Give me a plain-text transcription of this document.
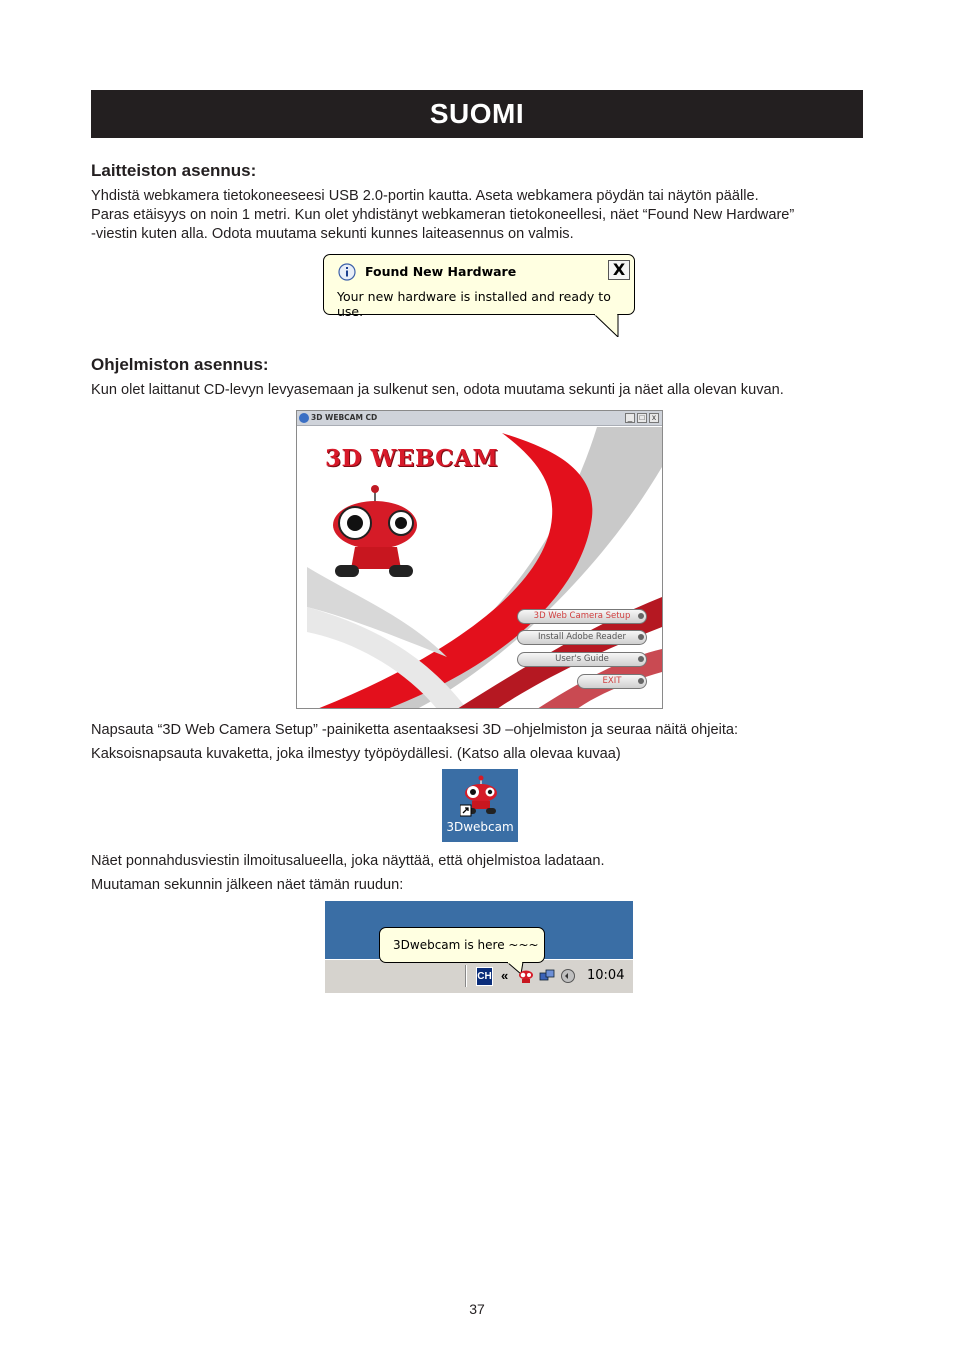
SUOMI
Laitteiston asennus:
Yhdistä webkamera tietokoneeseesi USB 2.0-portin kautta. Aseta webkamera pöydän tai näytön päälle.
Paras etäisyys on noin 1 metri. Kun olet yhdistänyt webkameran tietokoneellesi, näet “Found New Hardware”
-viestin kuten alla. Odota muutama sekunti kunnes laiteasennus on valmis.
Found New Hardware
Your new hardware is installed and ready to use.
X
Ohjelmiston asennus:
Kun olet laittanut CD-levyn levyasemaan ja sulkenut sen, odota muutama sekunti ja näet alla olevan kuvan.
3D WEBCAM CD	_ □ x
3D WEBCAM
3D Web Camera Setup
Install Adobe Reader
User's Guide
EXIT
Napsauta “3D Web Camera Setup” -painiketta asentaaksesi 3D –ohjelmiston ja seuraa näitä ohjeita:
Kaksoisnapsauta kuvaketta, joka ilmestyy työpöydällesi. (Katso alla olevaa kuvaa)
3Dwebcam
Näet ponnahdusviestin ilmoitusalueella, joka näyttää, että ohjelmistoa ladataan.
Muutaman sekunnin jälkeen näet tämän ruudun:
3Dwebcam is here ~~~
CH «	10:04
37
